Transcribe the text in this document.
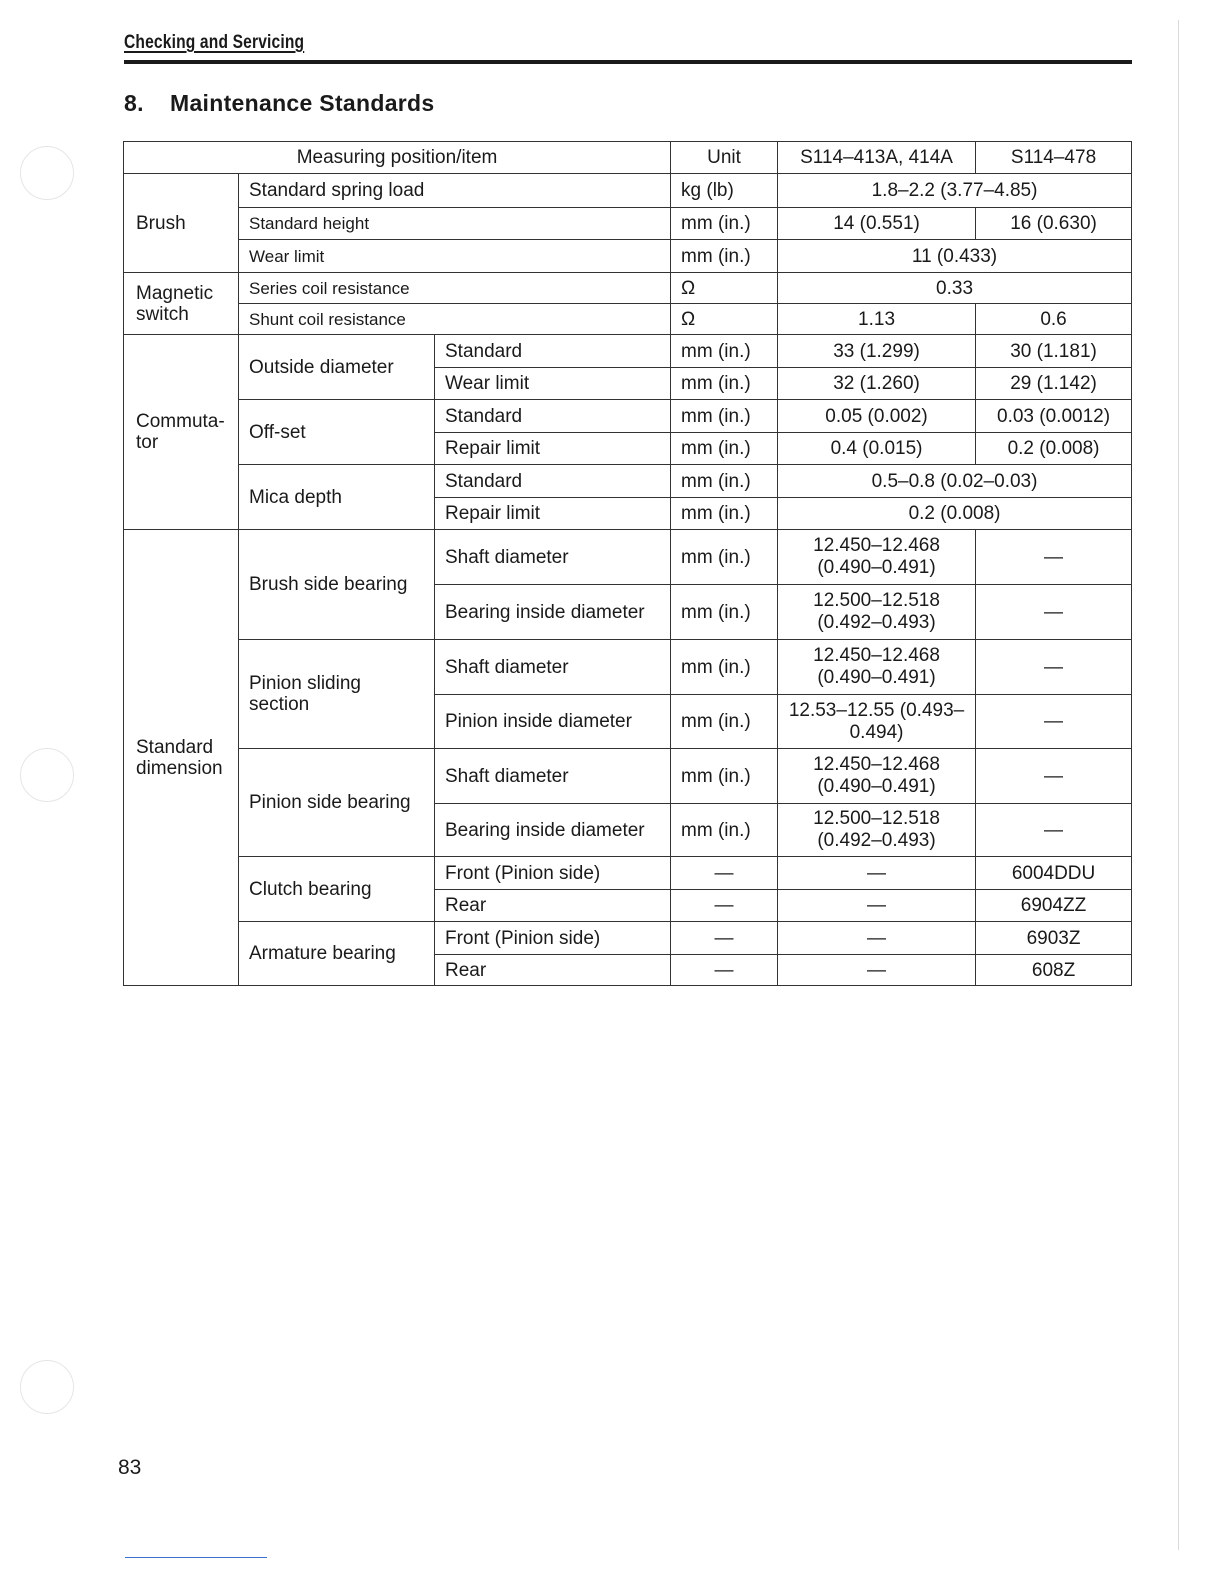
Checking and Servicing
8. Maintenance Standards
Measuring position/item			Unit	S114–413A, 414A	S114–478
Brush	Standard spring load		kg (lb)	1.8–2.2 (3.77–4.85)	
	Standard height		mm (in.)	14 (0.551)	16 (0.630)
	Wear limit		mm (in.)	11 (0.433)	
Magnetic switch	Series coil resistance		Ω	0.33	
	Shunt coil resistance		Ω	1.13	0.6
Commuta- tor	Outside diameter	Standard	mm (in.)	33 (1.299)	30 (1.181)
		Wear limit	mm (in.)	32 (1.260)	29 (1.142)
	Off-set	Standard	mm (in.)	0.05 (0.002)	0.03 (0.0012)
		Repair limit	mm (in.)	0.4 (0.015)	0.2 (0.008)
	Mica depth	Standard	mm (in.)	0.5–0.8 (0.02–0.03)	
		Repair limit	mm (in.)	0.2 (0.008)	
Standard dimension	Brush side bearing	Shaft diameter	mm (in.)	12.450–12.468 (0.490–0.491)	—
		Bearing inside diameter	mm (in.)	12.500–12.518 (0.492–0.493)	—
	Pinion sliding section	Shaft diameter	mm (in.)	12.450–12.468 (0.490–0.491)	—
		Pinion inside diameter	mm (in.)	12.53–12.55 (0.493–0.494)	—
	Pinion side bearing	Shaft diameter	mm (in.)	12.450–12.468 (0.490–0.491)	—
		Bearing inside diameter	mm (in.)	12.500–12.518 (0.492–0.493)	—
	Clutch bearing	Front (Pinion side)	—	—	6004DDU
		Rear	—	—	6904ZZ
	Armature bearing	Front (Pinion side)	—	—	6903Z
		Rear	—	—	608Z
83
